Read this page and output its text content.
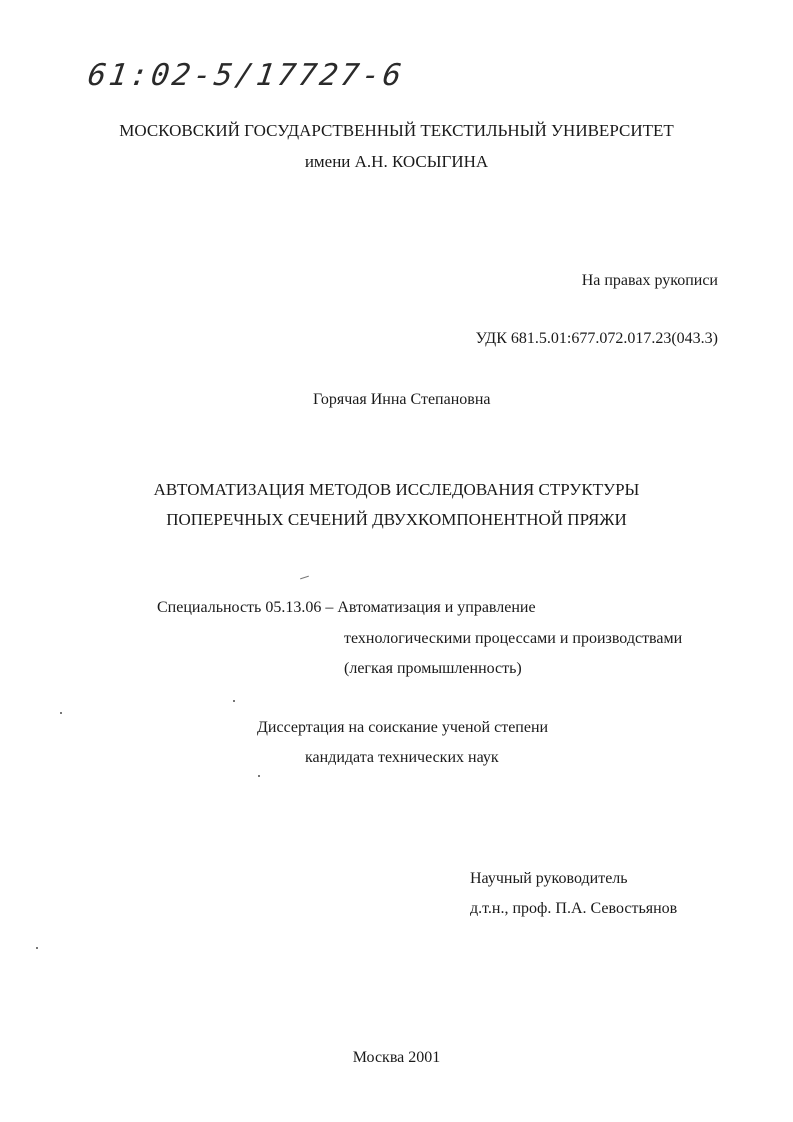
61:02-5/17727-6
МОСКОВСКИЙ ГОСУДАРСТВЕННЫЙ ТЕКСТИЛЬНЫЙ УНИВЕРСИТЕТ
имени А.Н. КОСЫГИНА
На правах рукописи
УДК 681.5.01:677.072.017.23(043.3)
Горячая Инна Степановна
АВТОМАТИЗАЦИЯ МЕТОДОВ ИССЛЕДОВАНИЯ СТРУКТУРЫ
ПОПЕРЕЧНЫХ СЕЧЕНИЙ ДВУХКОМПОНЕНТНОЙ ПРЯЖИ
Специальность 05.13.06 – Автоматизация и управление
технологическими процессами и производствами
(легкая промышленность)
Диссертация на соискание ученой степени
кандидата технических наук
Научный руководитель
д.т.н., проф. П.А. Севостьянов
Москва 2001
